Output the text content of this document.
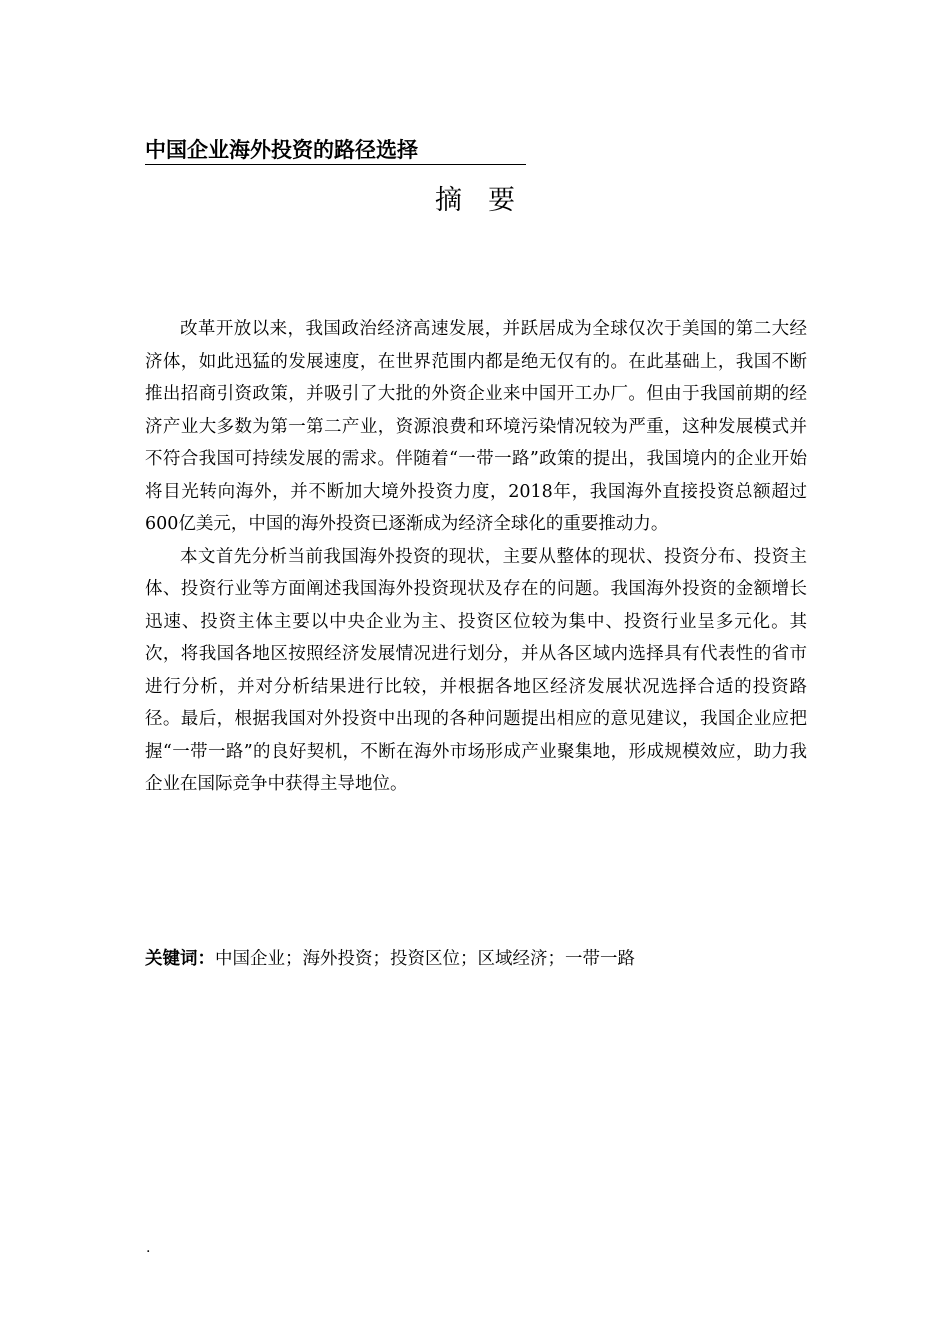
中国企业海外投资的路径选择
摘要

改革开放以来，我国政治经济高速发展，并跃居成为全球仅次于美国的第二大经济体，如此迅猛的发展速度，在世界范围内都是绝无仅有的。在此基础上，我国不断推出招商引资政策，并吸引了大批的外资企业来中国开工办厂。但由于我国前期的经济产业大多数为第一第二产业，资源浪费和环境污染情况较为严重，这种发展模式并不符合我国可持续发展的需求。伴随着“一带一路”政策的提出，我国境内的企业开始将目光转向海外，并不断加大境外投资力度，2018年，我国海外直接投资总额超过600亿美元，中国的海外投资已逐渐成为经济全球化的重要推动力。

本文首先分析当前我国海外投资的现状，主要从整体的现状、投资分布、投资主体、投资行业等方面阐述我国海外投资现状及存在的问题。我国海外投资的金额增长迅速、投资主体主要以中央企业为主、投资区位较为集中、投资行业呈多元化。其次，将我国各地区按照经济发展情况进行划分，并从各区域内选择具有代表性的省市进行分析，并对分析结果进行比较，并根据各地区经济发展状况选择合适的投资路径。最后，根据我国对外投资中出现的各种问题提出相应的意见建议，我国企业应把握“一带一路”的良好契机，不断在海外市场形成产业聚集地，形成规模效应，助力我企业在国际竞争中获得主导地位。

关键词：中国企业；海外投资；投资区位；区域经济；一带一路
.
